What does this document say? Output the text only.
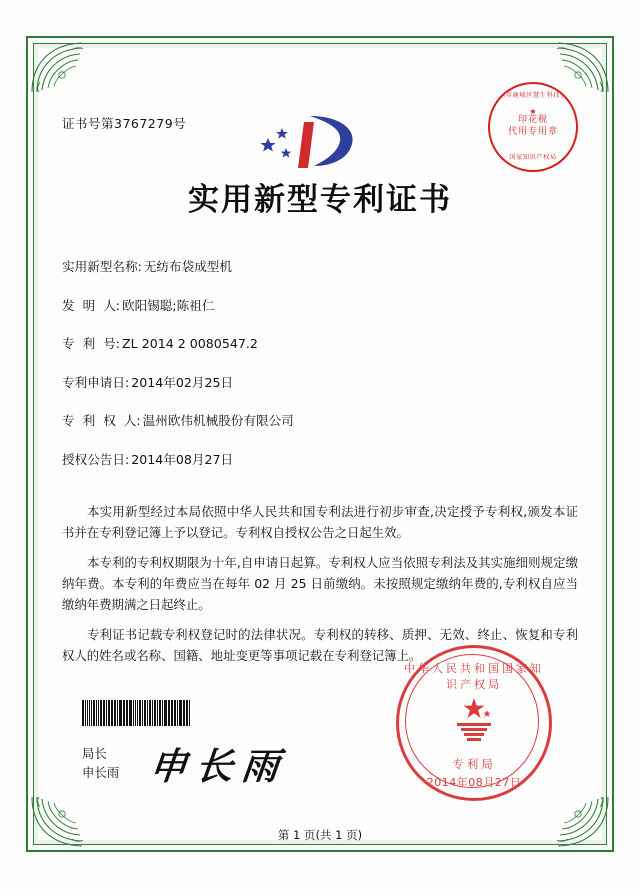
温州市鹿城区慧生科技公司
★
印花税
代用专用章
国家知识产权局
证书号第3767279号
实用新型专利证书
实用新型名称: 无纺布袋成型机
发  明  人: 欧阳锡聪;陈祖仁
专  利  号: ZL 2014 2 0080547.2
专利申请日: 2014年02月25日
专  利  权  人: 温州欧伟机械股份有限公司
授权公告日: 2014年08月27日

本实用新型经过本局依照中华人民共和国专利法进行初步审查,决定授予专利权,颁发本证书并在专利登记簿上予以登记。专利权自授权公告之日起生效。

本专利的专利权期限为十年,自申请日起算。专利权人应当依照专利法及其实施细则规定缴纳年费。本专利的年费应当在每年 02 月 25 日前缴纳。未按照规定缴纳年费的,专利权自应当缴纳年费期满之日起终止。

专利证书记载专利权登记时的法律状况。专利权的转移、质押、无效、终止、恢复和专利权人的姓名或名称、国籍、地址变更等事项记载在专利登记簿上。

局长
申长雨 申长雨
中华人民共和国国家知识产权局
专利局
2014年08月27日
第 1 页(共 1 页)
